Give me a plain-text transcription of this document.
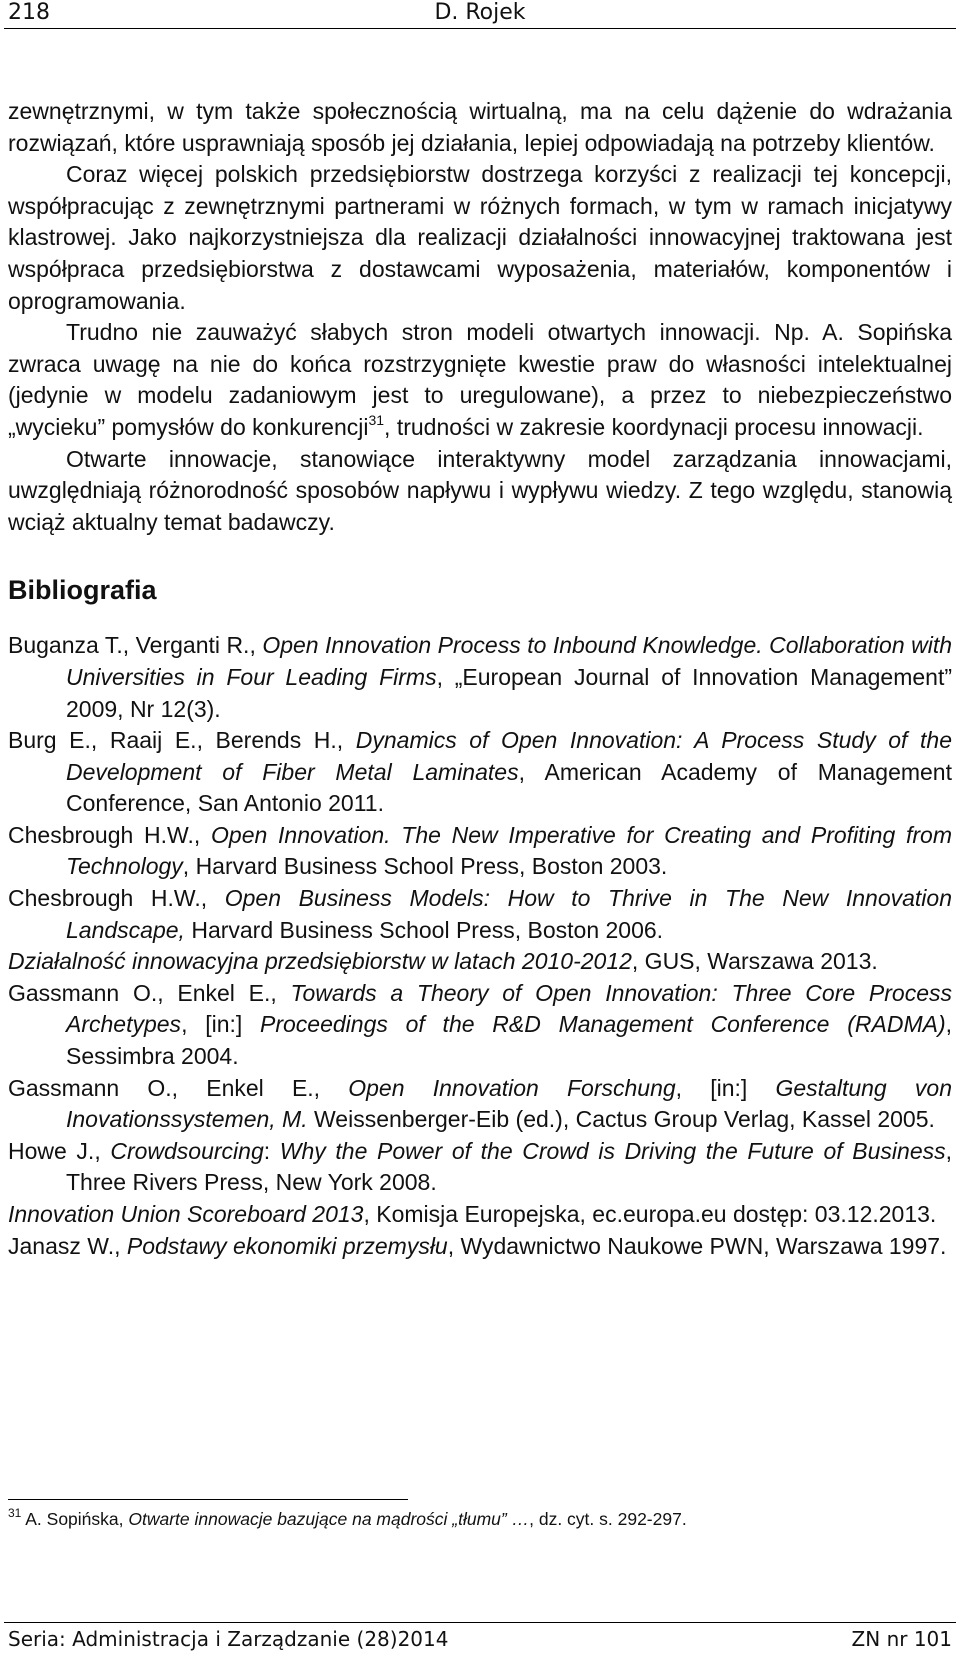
218	D. Rojek

zewnętrznymi, w tym także społecznością wirtualną, ma na celu dążenie do wdrażania rozwiązań, które usprawniają sposób jej działania, lepiej odpowiadają na potrzeby klientów.

Coraz więcej polskich przedsiębiorstw dostrzega korzyści z realizacji tej koncepcji, współpracując z zewnętrznymi partnerami w różnych formach, w tym w ramach inicjatywy klastrowej. Jako najkorzystniejsza dla realizacji działalności innowacyjnej traktowana jest współpraca przedsiębiorstwa z dostawcami wyposażenia, materiałów, komponentów i oprogramowania.

Trudno nie zauważyć słabych stron modeli otwartych innowacji. Np. A. Sopińska zwraca uwagę na nie do końca rozstrzygnięte kwestie praw do własności intelektualnej (jedynie w modelu zadaniowym jest to uregulowane), a przez to niebezpieczeństwo „wycieku” pomysłów do konkurencji$^{31}$, trudności w zakresie koordynacji procesu innowacji.

Otwarte innowacje, stanowiące interaktywny model zarządzania innowacjami, uwzględniają różnorodność sposobów napływu i wypływu wiedzy. Z tego względu, stanowią wciąż aktualny temat badawczy.

Bibliografia

Buganza T., Verganti R., Open Innovation Process to Inbound Knowledge. Collaboration with Universities in Four Leading Firms, „European Journal of Innovation Management” 2009, Nr 12(3).

Burg E., Raaij E., Berends H., Dynamics of Open Innovation: A Process Study of the Development of Fiber Metal Laminates, American Academy of Management Conference, San Antonio 2011.

Chesbrough H.W., Open Innovation. The New Imperative for Creating and Profiting from Technology, Harvard Business School Press, Boston 2003.

Chesbrough H.W., Open Business Models: How to Thrive in The New Innovation Landscape, Harvard Business School Press, Boston 2006.

Działalność innowacyjna przedsiębiorstw w latach 2010-2012, GUS, Warszawa 2013.

Gassmann O., Enkel E., Towards a Theory of Open Innovation: Three Core Process Archetypes, [in:] Proceedings of the R&D Management Conference (RADMA), Sessimbra 2004.

Gassmann O., Enkel E., Open Innovation Forschung, [in:] Gestaltung von Inovationssystemen, M. Weissenberger-Eib (ed.), Cactus Group Verlag, Kassel 2005.

Howe J., Crowdsourcing: Why the Power of the Crowd is Driving the Future of Business, Three Rivers Press, New York 2008.

Innovation Union Scoreboard 2013, Komisja Europejska, ec.europa.eu dostęp: 03.12.2013.

Janasz W., Podstawy ekonomiki przemysłu, Wydawnictwo Naukowe PWN, Warszawa 1997.

$^{31}$ A. Sopińska, Otwarte innowacje bazujące na mądrości „tłumu” …, dz. cyt. s. 292-297.
Seria: Administracja i Zarządzanie (28)2014	ZN nr 101
